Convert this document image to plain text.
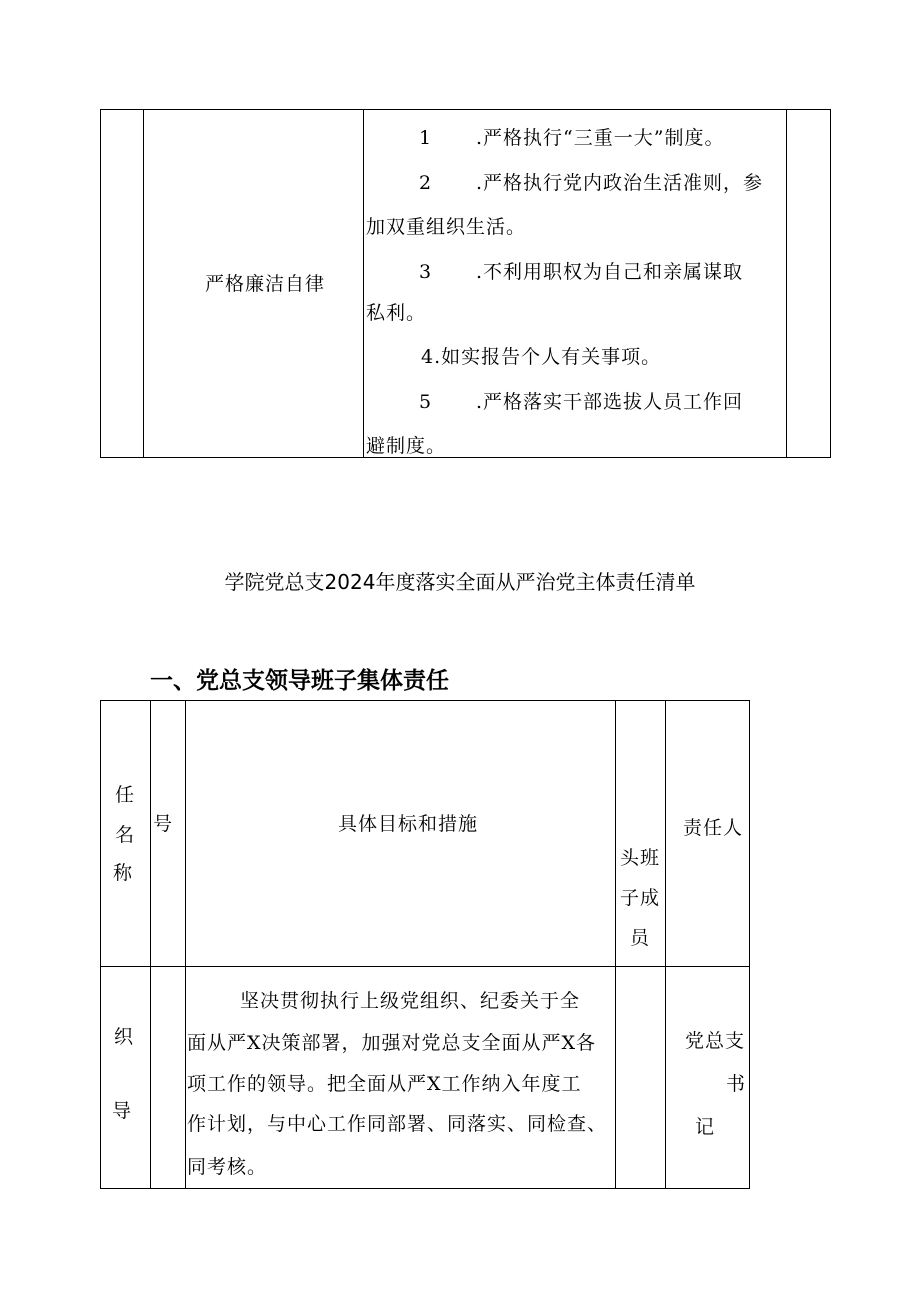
严格廉洁自律
1 .严格执行“三重一大”制度。
2 .严格执行党内政治生活准则，参
加双重组织生活。
3 .不利用职权为自己和亲属谋取
私利。
4.如实报告个人有关事项。
5 .严格落实干部选拔人员工作回
避制度。
学院党总支2024年度落实全面从严治党主体责任清单
一、党总支领导班子集体责任
任
名
称
号	具体目标和措施
头班
子成
员
责任人
织
导
坚决贯彻执行上级党组织、纪委关于全
面从严X决策部署，加强对党总支全面从严X各
项工作的领导。把全面从严X工作纳入年度工
作计划，与中心工作同部署、同落实、同检查、
同考核。
党总支
书
记
